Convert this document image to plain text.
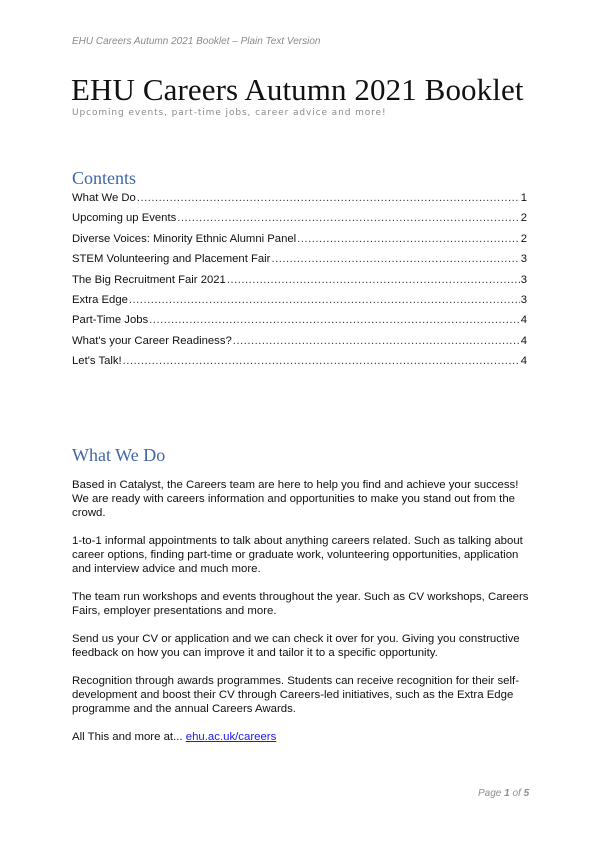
EHU Careers Autumn 2021 Booklet – Plain Text Version
EHU Careers Autumn 2021 Booklet
Upcoming events, part-time jobs, career advice and more!
Contents
What We Do .....	1
Upcoming up Events .....	2
Diverse Voices: Minority Ethnic Alumni Panel .....	2
STEM Volunteering and Placement Fair .....	3
The Big Recruitment Fair 2021 .....	3
Extra Edge .....	3
Part-Time Jobs .....	4
What's your Career Readiness? .....	4
Let's Talk! .....	4
What We Do

Based in Catalyst, the Careers team are here to help you find and achieve your success! We are ready with careers information and opportunities to make you stand out from the crowd.

1-to-1 informal appointments to talk about anything careers related. Such as talking about career options, finding part-time or graduate work, volunteering opportunities, application and interview advice and much more.

The team run workshops and events throughout the year. Such as CV workshops, Careers Fairs, employer presentations and more.

Send us your CV or application and we can check it over for you. Giving you constructive feedback on how you can improve it and tailor it to a specific opportunity.

Recognition through awards programmes. Students can receive recognition for their self-development and boost their CV through Careers-led initiatives, such as the Extra Edge programme and the annual Careers Awards.

All This and more at... ehu.ac.uk/careers

Page 1 of 5
